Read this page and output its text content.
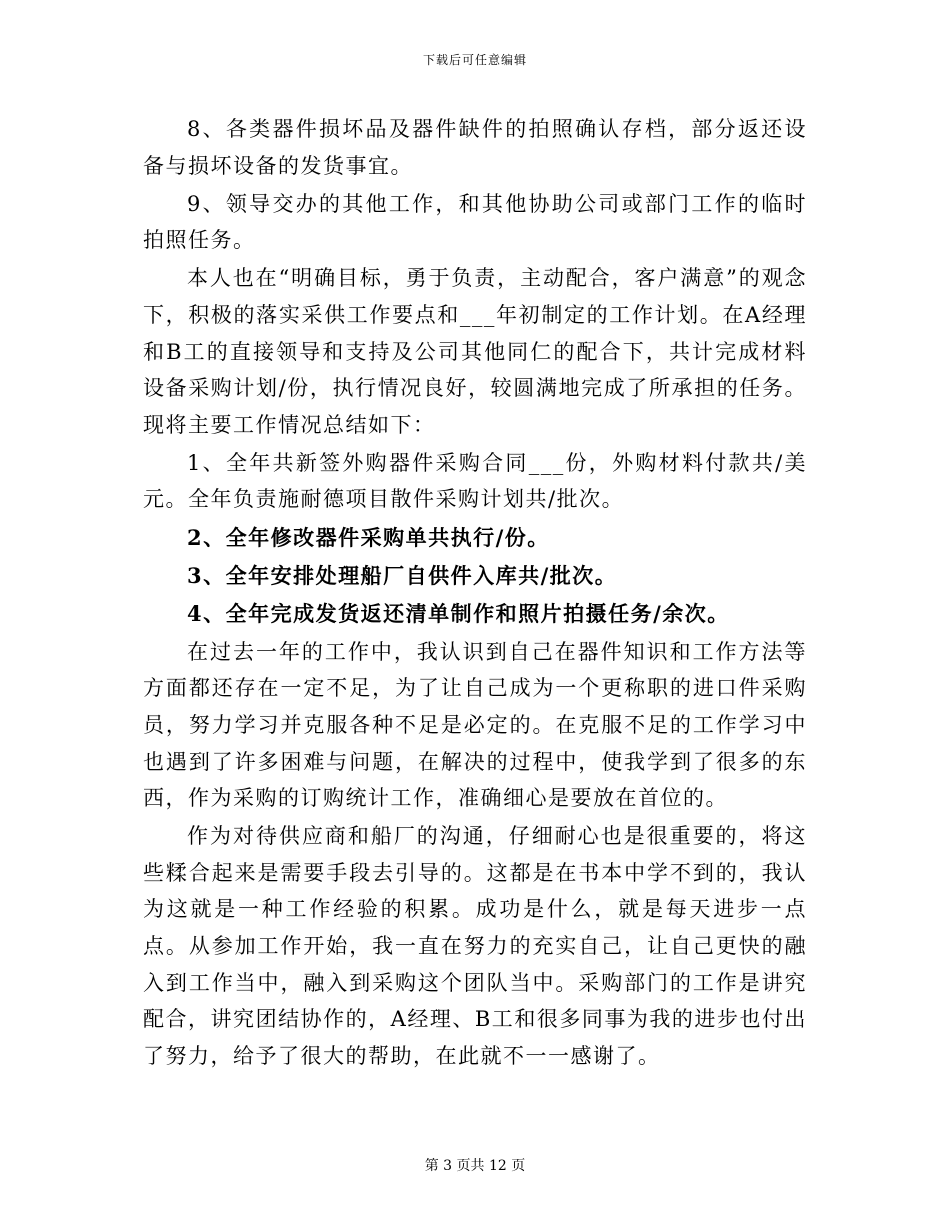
下载后可任意编辑

8、各类器件损坏品及器件缺件的拍照确认存档，部分返还设备与损坏设备的发货事宜。

9、领导交办的其他工作，和其他协助公司或部门工作的临时拍照任务。

本人也在“明确目标，勇于负责，主动配合，客户满意”的观念下，积极的落实采供工作要点和___年初制定的工作计划。在A经理和B工的直接领导和支持及公司其他同仁的配合下，共计完成材料设备采购计划/份，执行情况良好，较圆满地完成了所承担的任务。现将主要工作情况总结如下：

1、全年共新签外购器件采购合同___份，外购材料付款共/美元。全年负责施耐德项目散件采购计划共/批次。

2、全年修改器件采购单共执行/份。

3、全年安排处理船厂自供件入库共/批次。

4、全年完成发货返还清单制作和照片拍摄任务/余次。

在过去一年的工作中，我认识到自己在器件知识和工作方法等方面都还存在一定不足，为了让自己成为一个更称职的进口件采购员，努力学习并克服各种不足是必定的。在克服不足的工作学习中也遇到了许多困难与问题，在解决的过程中，使我学到了很多的东西，作为采购的订购统计工作，准确细心是要放在首位的。

作为对待供应商和船厂的沟通，仔细耐心也是很重要的，将这些糅合起来是需要手段去引导的。这都是在书本中学不到的，我认为这就是一种工作经验的积累。成功是什么，就是每天进步一点点。从参加工作开始，我一直在努力的充实自己，让自己更快的融入到工作当中，融入到采购这个团队当中。采购部门的工作是讲究配合，讲究团结协作的，A经理、B工和很多同事为我的进步也付出了努力，给予了很大的帮助，在此就不一一感谢了。

第 3 页共 12 页
